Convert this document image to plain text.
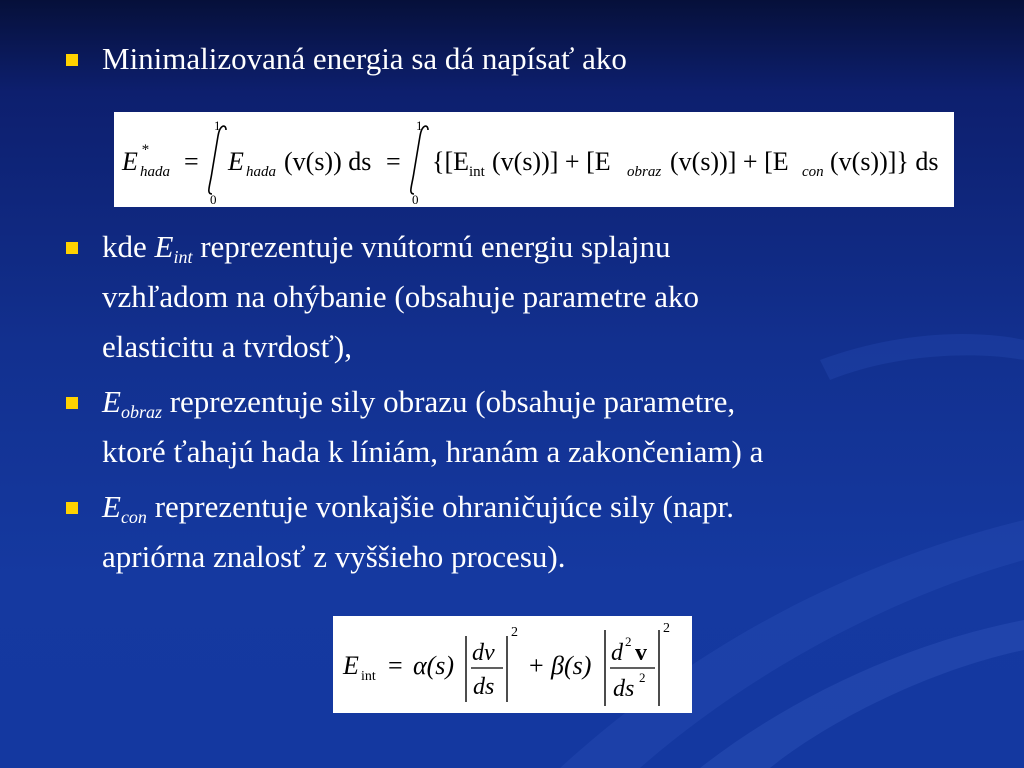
Minimalizovaná energia sa dá napísať ako
E *
hada =
1
0
E hada (v(s)) ds =
1
0
{[E int (v(s))] + [E obraz (v(s))] + [E con (v(s))]} ds
kde $E_{int}$ reprezentuje vnútornú energiu splajnu
vzhľadom na ohýbanie (obsahuje parametre ako
elasticitu a tvrdosť),
$E_{obraz}$ reprezentuje sily obrazu (obsahuje parametre,
ktoré ťahajú hada k líniám, hranám a zakončeniam) a
$E_{con}$ reprezentuje vonkajšie ohraničujúce sily (napr.
apriórna znalosť z vyššieho procesu).
E int = α(s) dv
ds
2
+ β(s) d 2 v
ds 2
2
